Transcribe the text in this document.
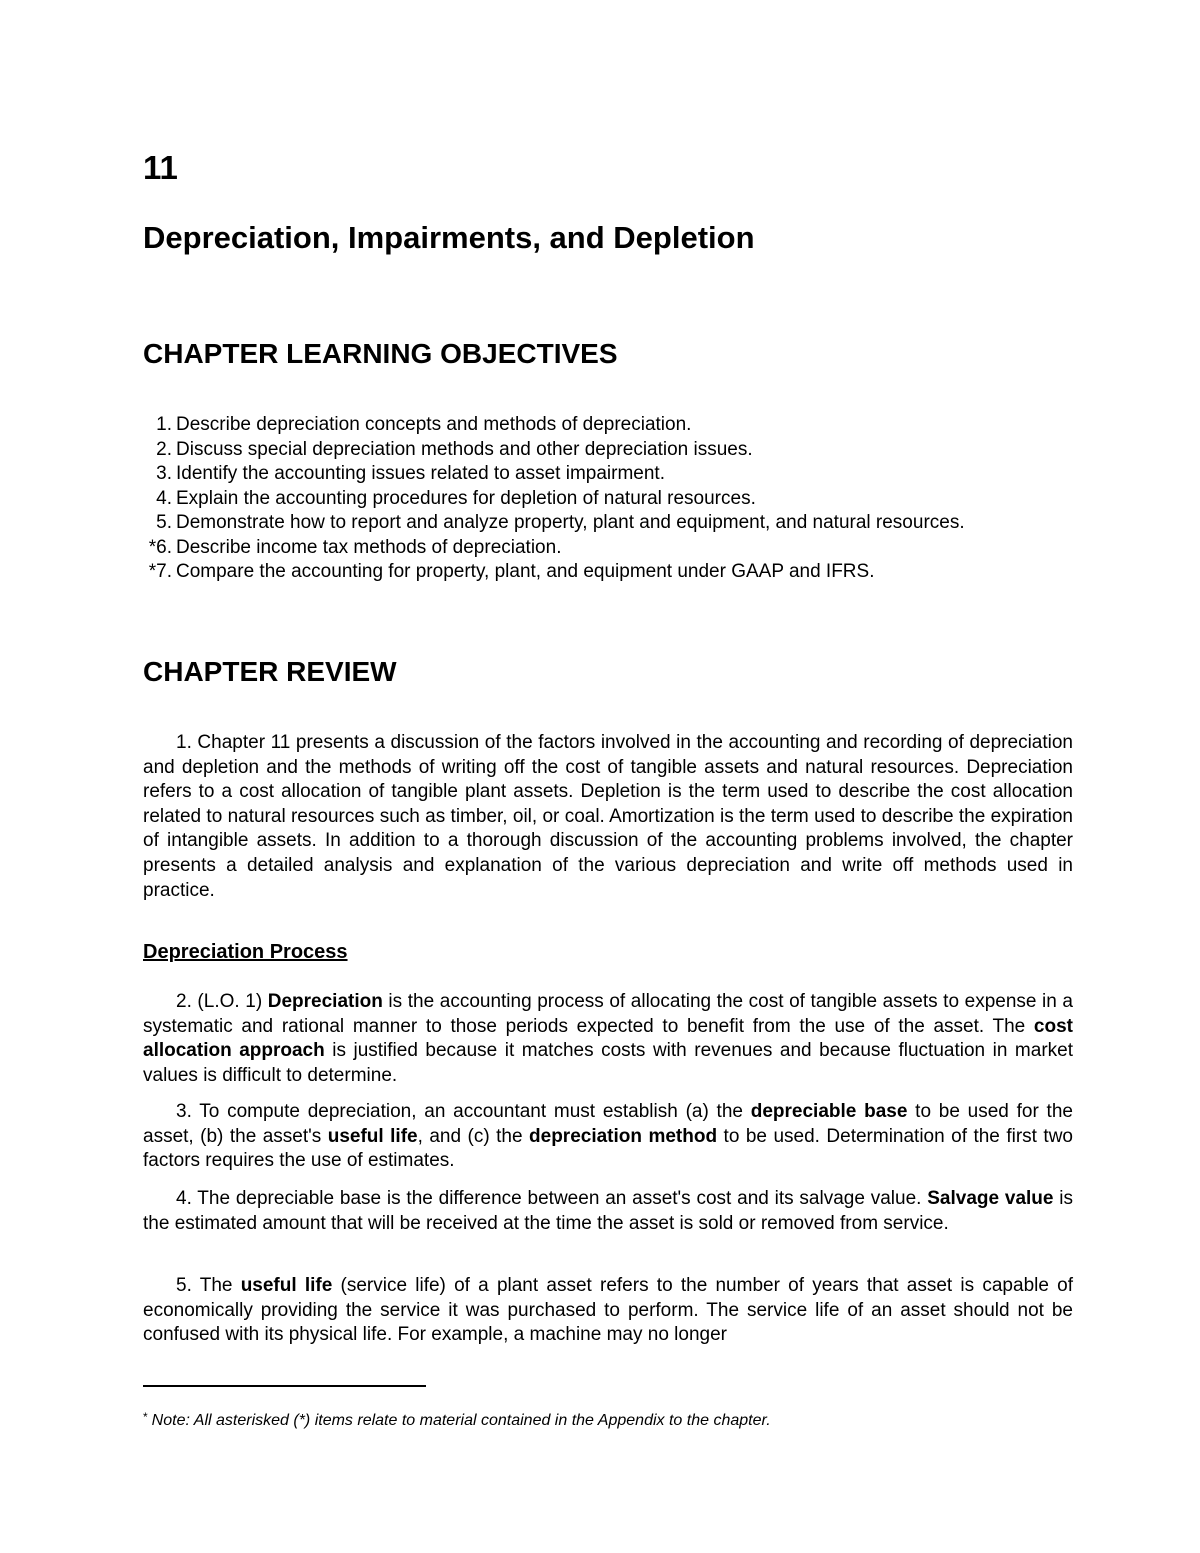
11
Depreciation, Impairments, and Depletion
CHAPTER LEARNING OBJECTIVES
1. Describe depreciation concepts and methods of depreciation.
2. Discuss special depreciation methods and other depreciation issues.
3. Identify the accounting issues related to asset impairment.
4. Explain the accounting procedures for depletion of natural resources.
5. Demonstrate how to report and analyze property, plant and equipment, and natural resources.
*6. Describe income tax methods of depreciation.
*7. Compare the accounting for property, plant, and equipment under GAAP and IFRS.
CHAPTER REVIEW

1. Chapter 11 presents a discussion of the factors involved in the accounting and recording of depreciation and depletion and the methods of writing off the cost of tangible assets and natural resources. Depreciation refers to a cost allocation of tangible plant assets. Depletion is the term used to describe the cost allocation related to natural resources such as timber, oil, or coal. Amortization is the term used to describe the expiration of intangible assets. In addition to a thorough discussion of the accounting problems involved, the chapter presents a detailed analysis and explanation of the various depreciation and write off methods used in practice.

Depreciation Process

2. (L.O. 1) Depreciation is the accounting process of allocating the cost of tangible assets to expense in a systematic and rational manner to those periods expected to benefit from the use of the asset. The cost allocation approach is justified because it matches costs with revenues and because fluctuation in market values is difficult to determine.

3. To compute depreciation, an accountant must establish (a) the depreciable base to be used for the asset, (b) the asset's useful life, and (c) the depreciation method to be used. Determination of the first two factors requires the use of estimates.

4. The depreciable base is the difference between an asset's cost and its salvage value. Salvage value is the estimated amount that will be received at the time the asset is sold or removed from service.

5. The useful life (service life) of a plant asset refers to the number of years that asset is capable of economically providing the service it was purchased to perform. The service life of an asset should not be confused with its physical life. For example, a machine may no longer

* Note: All asterisked (*) items relate to material contained in the Appendix to the chapter.
